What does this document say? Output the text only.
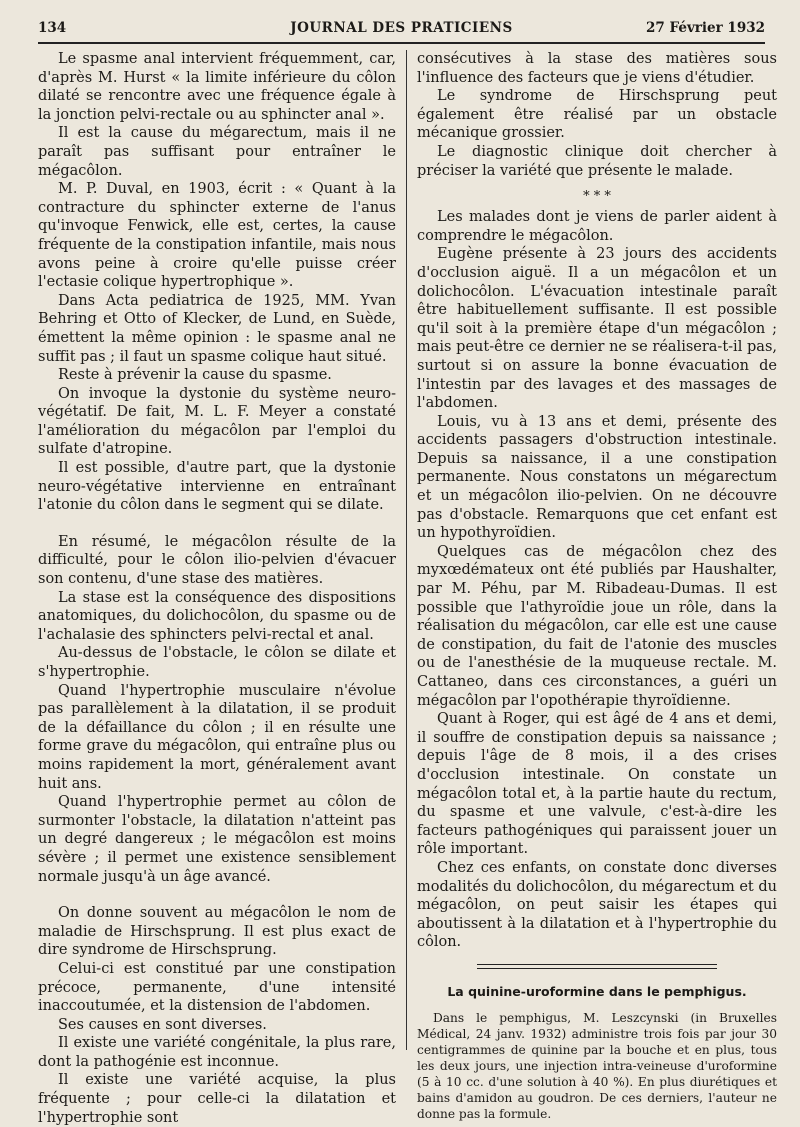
134	JOURNAL DES PRATICIENS	27 Février 1932

Le spasme anal intervient fréquemment, car, d'après M. Hurst « la limite inférieure du côlon dilaté se rencontre avec une fréquence égale à la jonction pelvi-rectale ou au sphincter anal ».

Il est la cause du mégarectum, mais il ne paraît pas suffisant pour entraîner le mégacôlon.

M. P. Duval, en 1903, écrit : « Quant à la contracture du sphincter externe de l'anus qu'invoque Fenwick, elle est, certes, la cause fréquente de la constipation infantile, mais nous avons peine à croire qu'elle puisse créer l'ectasie colique hypertrophique ».

Dans Acta pediatrica de 1925, MM. Yvan Behring et Otto of Klecker, de Lund, en Suède, émettent la même opinion : le spasme anal ne suffit pas ; il faut un spasme colique haut situé.

Reste à prévenir la cause du spasme.

On invoque la dystonie du système neuro-végétatif. De fait, M. L. F. Meyer a constaté l'amélioration du mégacôlon par l'emploi du sulfate d'atropine.

Il est possible, d'autre part, que la dystonie neuro-végétative intervienne en entraînant l'atonie du côlon dans le segment qui se dilate.

En résumé, le mégacôlon résulte de la difficulté, pour le côlon ilio-pelvien d'évacuer son contenu, d'une stase des matières.

La stase est la conséquence des dispositions anatomiques, du dolichocôlon, du spasme ou de l'achalasie des sphincters pelvi-rectal et anal.

Au-dessus de l'obstacle, le côlon se dilate et s'hypertrophie.

Quand l'hypertrophie musculaire n'évolue pas parallèlement à la dilatation, il se produit de la défaillance du côlon ; il en résulte une forme grave du mégacôlon, qui entraîne plus ou moins rapidement la mort, généralement avant huit ans.

Quand l'hypertrophie permet au côlon de surmonter l'obstacle, la dilatation n'atteint pas un degré dangereux ; le mégacôlon est moins sévère ; il permet une existence sensiblement normale jusqu'à un âge avancé.

On donne souvent au mégacôlon le nom de maladie de Hirschsprung. Il est plus exact de dire syndrome de Hirschsprung.

Celui-ci est constitué par une constipation précoce, permanente, d'une intensité inaccoutumée, et la distension de l'abdomen.

Ses causes en sont diverses.

Il existe une variété congénitale, la plus rare, dont la pathogénie est inconnue.

Il existe une variété acquise, la plus fréquente ; pour celle-ci la dilatation et l'hypertrophie sont

consécutives à la stase des matières sous l'influence des facteurs que je viens d'étudier.

Le syndrome de Hirschsprung peut également être réalisé par un obstacle mécanique grossier.

Le diagnostic clinique doit chercher à préciser la variété que présente le malade.

* * *

Les malades dont je viens de parler aident à comprendre le mégacôlon.

Eugène présente à 23 jours des accidents d'occlusion aiguë. Il a un mégacôlon et un dolichocôlon. L'évacuation intestinale paraît être habituellement suffisante. Il est possible qu'il soit à la première étape d'un mégacôlon ; mais peut-être ce dernier ne se réalisera-t-il pas, surtout si on assure la bonne évacuation de l'intestin par des lavages et des massages de l'abdomen.

Louis, vu à 13 ans et demi, présente des accidents passagers d'obstruction intestinale. Depuis sa naissance, il a une constipation permanente. Nous constatons un mégarectum et un mégacôlon ilio-pelvien. On ne découvre pas d'obstacle. Remarquons que cet enfant est un hypothyroïdien.

Quelques cas de mégacôlon chez des myxœdémateux ont été publiés par Haushalter, par M. Péhu, par M. Ribadeau-Dumas. Il est possible que l'athyroïdie joue un rôle, dans la réalisation du mégacôlon, car elle est une cause de constipation, du fait de l'atonie des muscles ou de l'anesthésie de la muqueuse rectale. M. Cattaneo, dans ces circonstances, a guéri un mégacôlon par l'opothérapie thyroïdienne.

Quant à Roger, qui est âgé de 4 ans et demi, il souffre de constipation depuis sa naissance ; depuis l'âge de 8 mois, il a des crises d'occlusion intestinale. On constate un mégacôlon total et, à la partie haute du rectum, du spasme et une valvule, c'est-à-dire les facteurs pathogéniques qui paraissent jouer un rôle important.

Chez ces enfants, on constate donc diverses modalités du dolichocôlon, du mégarectum et du mégacôlon, on peut saisir les étapes qui aboutissent à la dilatation et à l'hypertrophie du côlon.

La quinine-uroformine dans le pemphigus.

Dans le pemphigus, M. Leszcynski (in Bruxelles Médical, 24 janv. 1932) administre trois fois par jour 30 centigrammes de quinine par la bouche et en plus, tous les deux jours, une injection intra-veineuse d'uroformine (5 à 10 cc. d'une solution à 40 %). En plus diurétiques et bains d'amidon au goudron. De ces derniers, l'auteur ne donne pas la formule.
